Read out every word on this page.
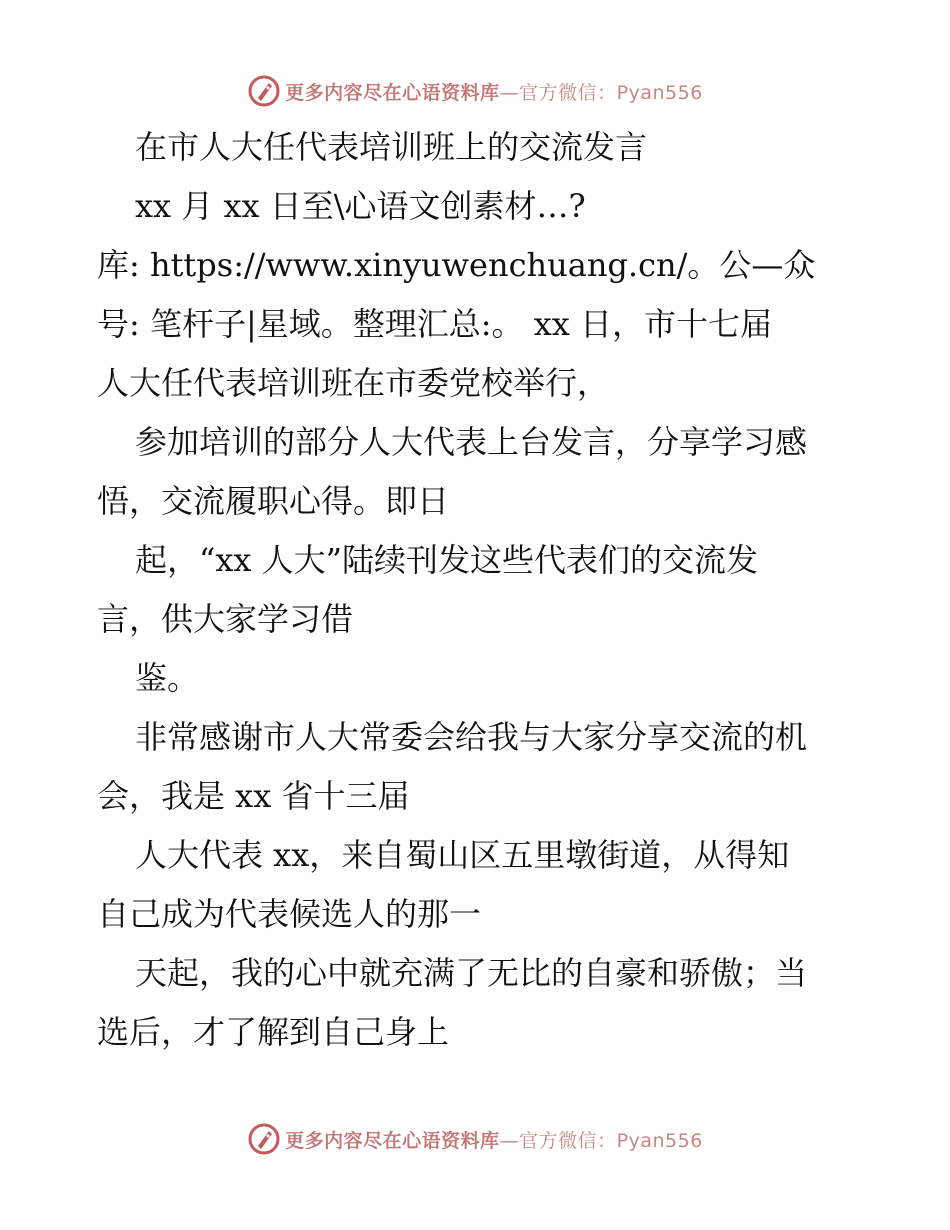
更多内容尽在心语资料库—官方微信：Pyan556
在市人大任代表培训班上的交流发言
xx 月 xx 日至\心语文创素材…?
库: https://www.xinyuwenchuang.cn/。公—众
号: 笔杆子|星域。整理汇总:。 xx 日，市十七届
人大任代表培训班在市委党校举行，
参加培训的部分人大代表上台发言，分享学习感
悟，交流履职心得。即日
起，“xx 人大”陆续刊发这些代表们的交流发
言，供大家学习借
鉴。
非常感谢市人大常委会给我与大家分享交流的机
会，我是 xx 省十三届
人大代表 xx，来自蜀山区五里墩街道，从得知
自己成为代表候选人的那一
天起，我的心中就充满了无比的自豪和骄傲；当
选后，才了解到自己身上
更多内容尽在心语资料库—官方微信：Pyan556
